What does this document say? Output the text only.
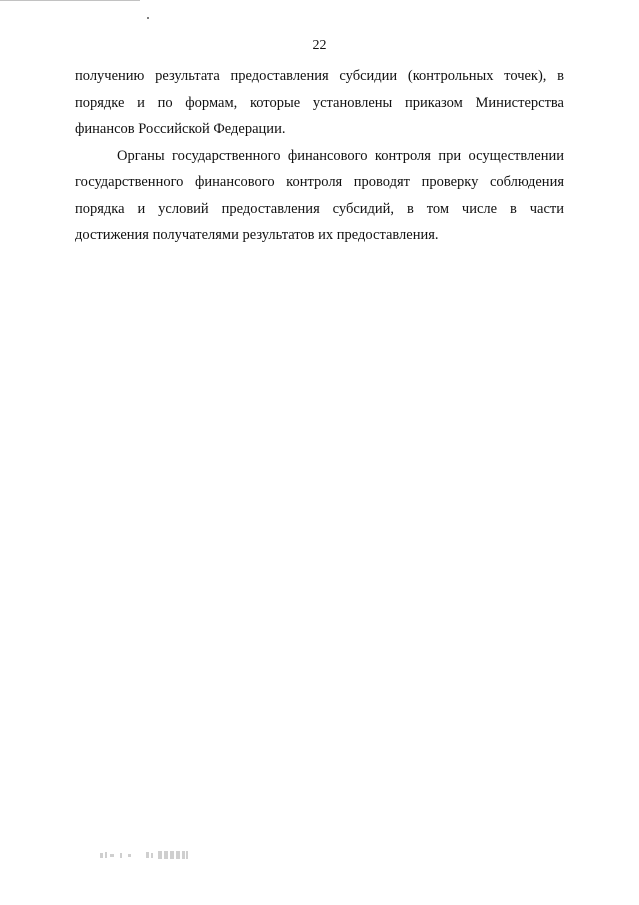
22

получению результата предоставления субсидии (контрольных точек), в
порядке и по формам, которые установлены приказом Министерства
финансов Российской Федерации.

Органы государственного финансового контроля при осуществлении
государственного финансового контроля проводят проверку соблюдения
порядка и условий предоставления субсидий, в том числе в части
достижения получателями результатов их предоставления.
